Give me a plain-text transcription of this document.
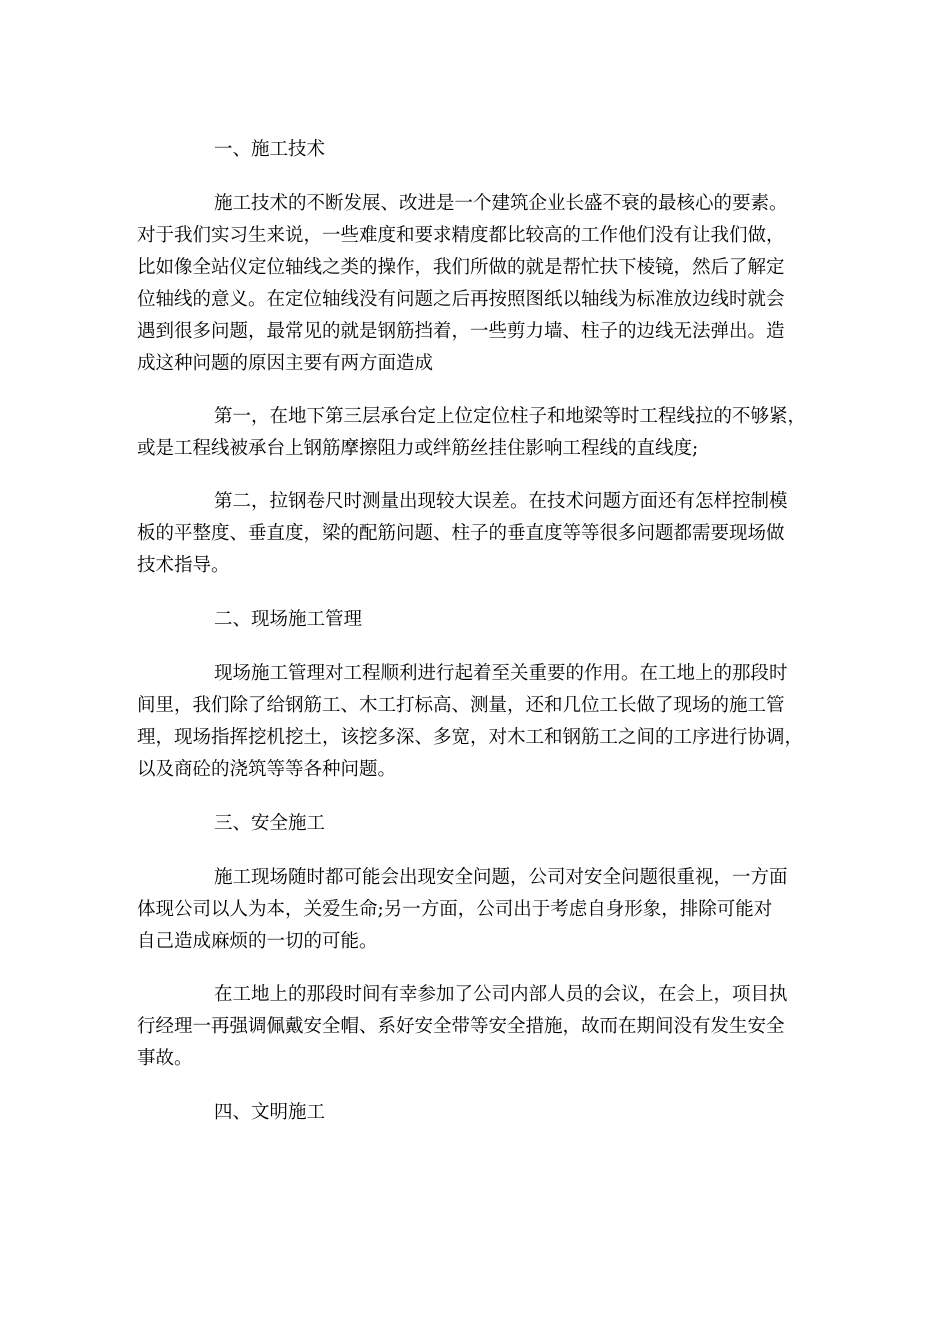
一、施工技术

施工技术的不断发展、改进是一个建筑企业长盛不衰的最核心的要素。
对于我们实习生来说，一些难度和要求精度都比较高的工作他们没有让我们做，
比如像全站仪定位轴线之类的操作，我们所做的就是帮忙扶下棱镜，然后了解定
位轴线的意义。在定位轴线没有问题之后再按照图纸以轴线为标准放边线时就会
遇到很多问题，最常见的就是钢筋挡着，一些剪力墙、柱子的边线无法弹出。造
成这种问题的原因主要有两方面造成

第一，在地下第三层承台定上位定位柱子和地梁等时工程线拉的不够紧，
或是工程线被承台上钢筋摩擦阻力或绊筋丝挂住影响工程线的直线度;

第二，拉钢卷尺时测量出现较大误差。在技术问题方面还有怎样控制模
板的平整度、垂直度，梁的配筋问题、柱子的垂直度等等很多问题都需要现场做
技术指导。

二、现场施工管理

现场施工管理对工程顺利进行起着至关重要的作用。在工地上的那段时
间里，我们除了给钢筋工、木工打标高、测量，还和几位工长做了现场的施工管
理，现场指挥挖机挖土，该挖多深、多宽，对木工和钢筋工之间的工序进行协调，
以及商砼的浇筑等等各种问题。

三、安全施工

施工现场随时都可能会出现安全问题，公司对安全问题很重视，一方面
体现公司以人为本，关爱生命;另一方面，公司出于考虑自身形象，排除可能对
自己造成麻烦的一切的可能。

在工地上的那段时间有幸参加了公司内部人员的会议，在会上，项目执
行经理一再强调佩戴安全帽、系好安全带等安全措施，故而在期间没有发生安全
事故。

四、文明施工
